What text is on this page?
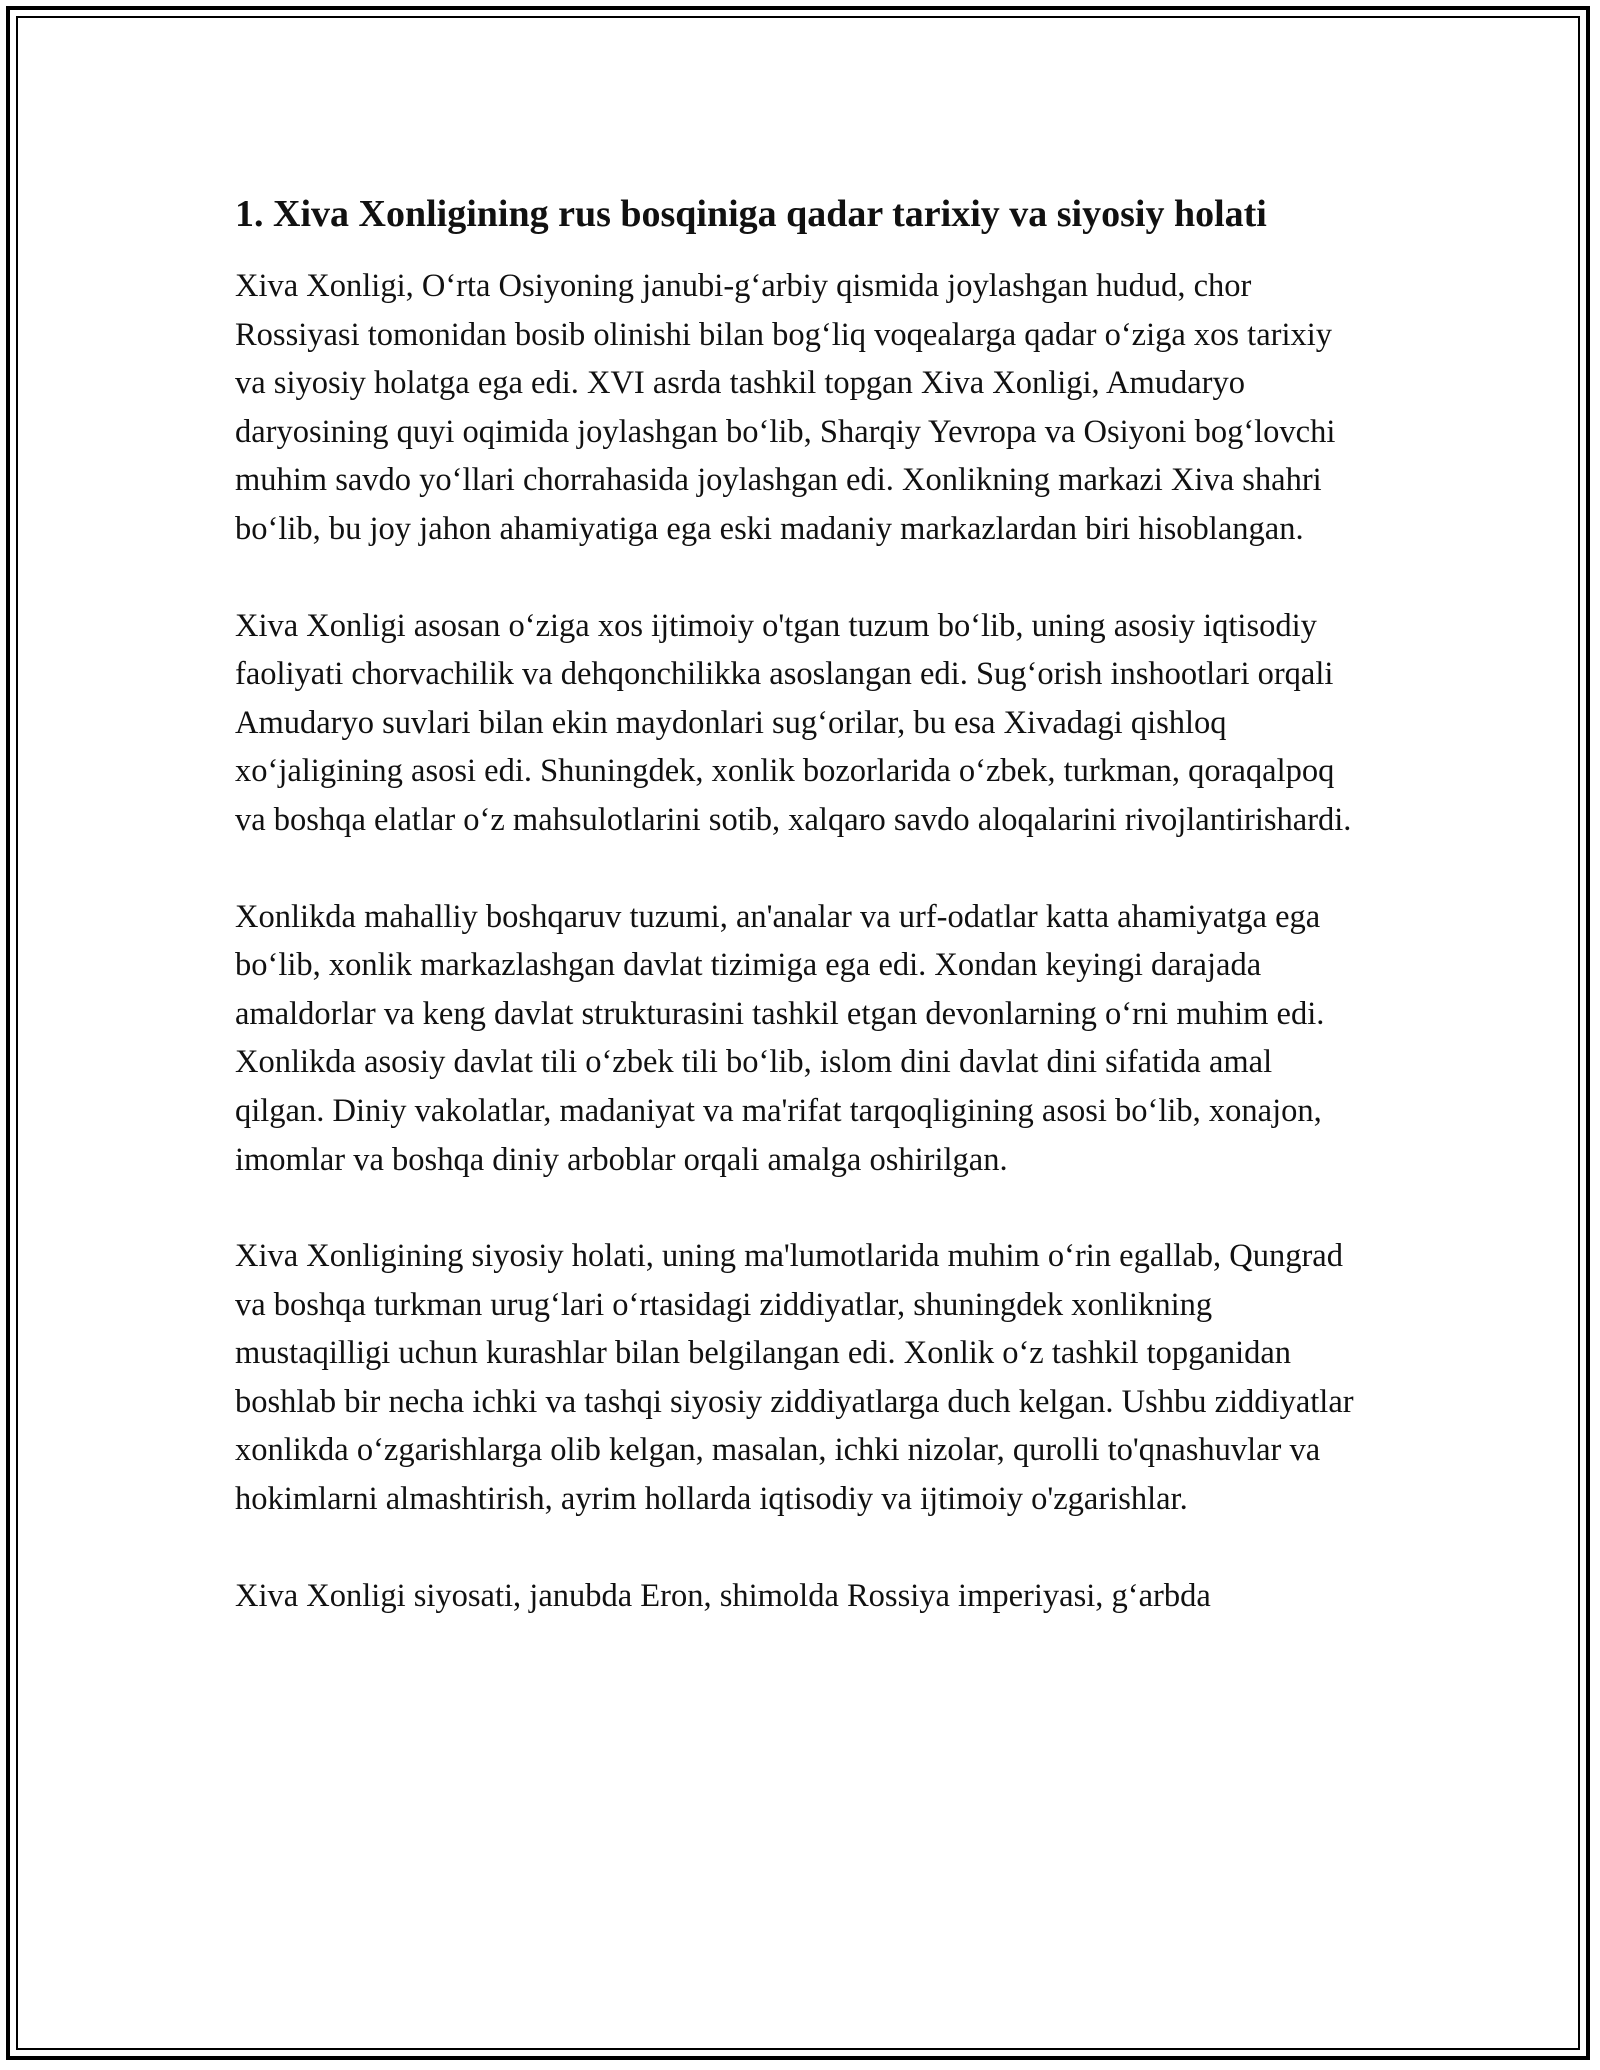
1. Xiva Xonligining rus bosqiniga qadar tarixiy va siyosiy holati

Xiva Xonligi, O‘rta Osiyoning janubi-g‘arbiy qismida joylashgan hudud, chor Rossiyasi tomonidan bosib olinishi bilan bog‘liq voqealarga qadar o‘ziga xos tarixiy va siyosiy holatga ega edi. XVI asrda tashkil topgan Xiva Xonligi, Amudaryo daryosining quyi oqimida joylashgan bo‘lib, Sharqiy Yevropa va Osiyoni bog‘lovchi muhim savdo yo‘llari chorrahasida joylashgan edi. Xonlikning markazi Xiva shahri bo‘lib, bu joy jahon ahamiyatiga ega eski madaniy markazlardan biri hisoblangan.

Xiva Xonligi asosan o‘ziga xos ijtimoiy o'tgan tuzum bo‘lib, uning asosiy iqtisodiy faoliyati chorvachilik va dehqonchilikka asoslangan edi. Sug‘orish inshootlari orqali Amudaryo suvlari bilan ekin maydonlari sug‘orilar, bu esa Xivadagi qishloq xo‘jaligining asosi edi. Shuningdek, xonlik bozorlarida o‘zbek, turkman, qoraqalpoq va boshqa elatlar o‘z mahsulotlarini sotib, xalqaro savdo aloqalarini rivojlantirishardi.

Xonlikda mahalliy boshqaruv tuzumi, an'analar va urf-odatlar katta ahamiyatga ega bo‘lib, xonlik markazlashgan davlat tizimiga ega edi. Xondan keyingi darajada amaldorlar va keng davlat strukturasini tashkil etgan devonlarning o‘rni muhim edi. Xonlikda asosiy davlat tili o‘zbek tili bo‘lib, islom dini davlat dini sifatida amal qilgan. Diniy vakolatlar, madaniyat va ma'rifat tarqoqligining asosi bo‘lib, xonajon, imomlar va boshqa diniy arboblar orqali amalga oshirilgan.

Xiva Xonligining siyosiy holati, uning ma'lumotlarida muhim o‘rin egallab, Qungrad va boshqa turkman urug‘lari o‘rtasidagi ziddiyatlar, shuningdek xonlikning mustaqilligi uchun kurashlar bilan belgilangan edi. Xonlik o‘z tashkil topganidan boshlab bir necha ichki va tashqi siyosiy ziddiyatlarga duch kelgan. Ushbu ziddiyatlar xonlikda o‘zgarishlarga olib kelgan, masalan, ichki nizolar, qurolli to'qnashuvlar va hokimlarni almashtirish, ayrim hollarda iqtisodiy va ijtimoiy o'zgarishlar.

Xiva Xonligi siyosati, janubda Eron, shimolda Rossiya imperiyasi, g‘arbda
